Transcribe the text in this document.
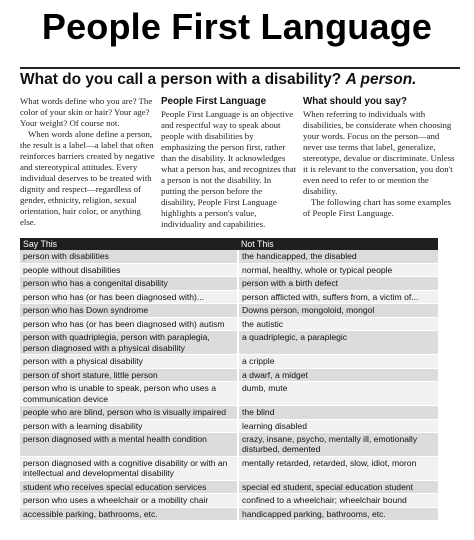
People First Language
What do you call a person with a disability? A person.

What words define who you are? The color of your skin or hair? Your age? Your weight? Of course not.

When words alone define a person, the result is a label—a label that often reinforces barriers created by negative and stereotypical attitudes. Every individual deserves to be treated with dignity and respect—regardless of gender, ethnicity, religion, sexual orientation, hair color, or anything else.

People First Language

People First Language is an objective and respectful way to speak about people with disabilities by emphasizing the person first, rather than the disability. It acknowledges what a person has, and recognizes that a person is not the disability. In putting the person before the disability, People First Language highlights a person's value, individuality and capabilities.

What should you say?

When referring to individuals with disabilities, be considerate when choosing your words. Focus on the person—and never use terms that label, generalize, stereotype, devalue or discriminate. Unless it is relevant to the conversation, you don't even need to refer to or mention the disability.

The following chart has some examples of People First Language.

Say This	Not This
person with disabilities	the handicapped, the disabled
people without disabilities	normal, healthy, whole or typical people
person who has a congenital disability	person with a birth defect
person who has (or has been diagnosed with)...	person afflicted with, suffers from, a victim of...
person who has Down syndrome	Downs person, mongoloid, mongol
person who has (or has been diagnosed with) autism	the autistic
person with quadriplegia, person with paraplegia, person diagnosed with a physical disability	a quadriplegic, a paraplegic
person with a physical disability	a cripple
person of short stature, little person	a dwarf, a midget
person who is unable to speak, person who uses a communication device	dumb, mute
people who are blind, person who is visually impaired	the blind
person with a learning disability	learning disabled
person diagnosed with a mental health condition	crazy, insane, psycho, mentally ill, emotionally disturbed, demented
person diagnosed with a cognitive disability or with an intellectual and developmental disability	mentally retarded, retarded, slow, idiot, moron
student who receives special education services	special ed student, special education student
person who uses a wheelchair or a mobility chair	confined to a wheelchair; wheelchair bound
accessible parking, bathrooms, etc.	handicapped parking, bathrooms, etc.
